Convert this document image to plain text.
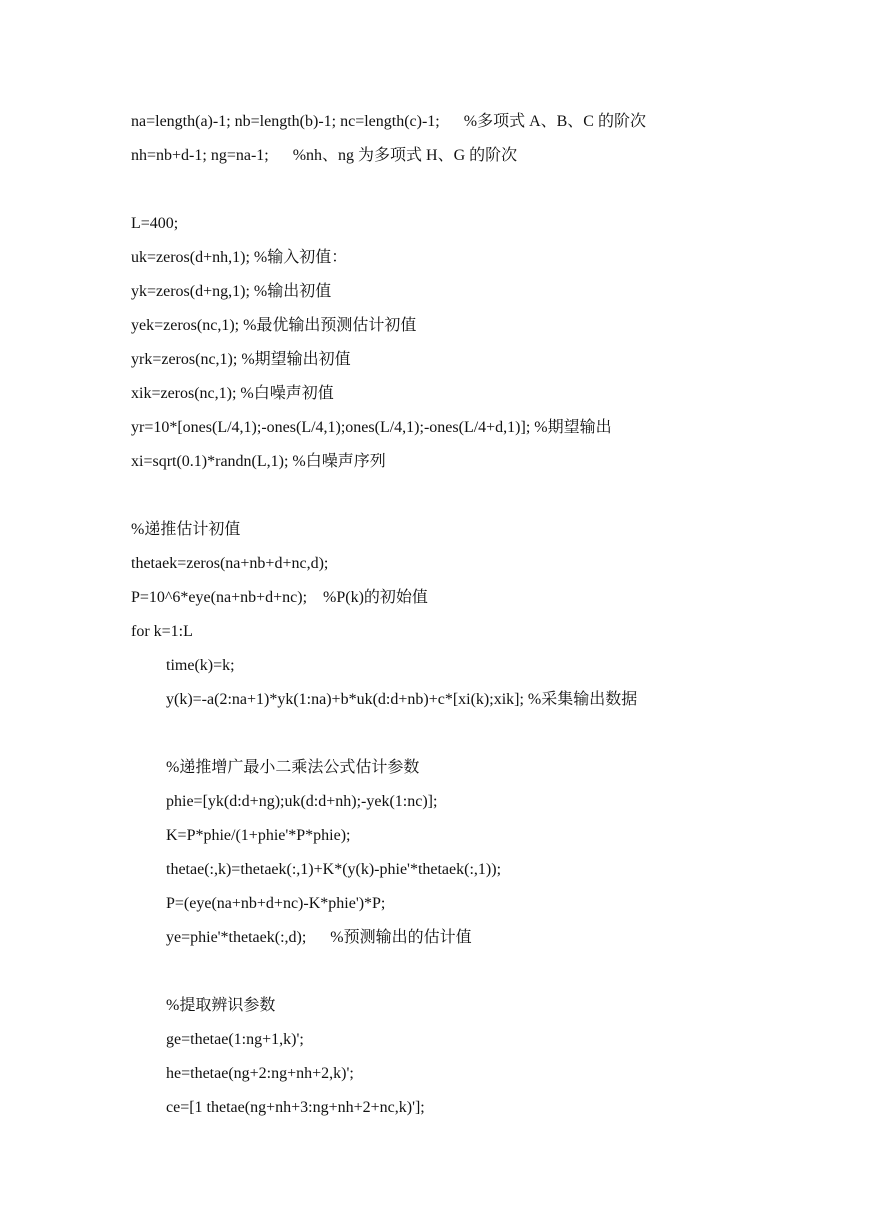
na=length(a)-1; nb=length(b)-1; nc=length(c)-1;      %多项式 A、B、C 的阶次
nh=nb+d-1; ng=na-1;      %nh、ng 为多项式 H、G 的阶次
L=400;
uk=zeros(d+nh,1); %输入初值：
yk=zeros(d+ng,1); %输出初值
yek=zeros(nc,1); %最优输出预测估计初值
yrk=zeros(nc,1); %期望输出初值
xik=zeros(nc,1); %白噪声初值
yr=10*[ones(L/4,1);-ones(L/4,1);ones(L/4,1);-ones(L/4+d,1)]; %期望输出
xi=sqrt(0.1)*randn(L,1); %白噪声序列
%递推估计初值
thetaek=zeros(na+nb+d+nc,d);
P=10^6*eye(na+nb+d+nc);    %P(k)的初始值
for k=1:L
time(k)=k;
y(k)=-a(2:na+1)*yk(1:na)+b*uk(d:d+nb)+c*[xi(k);xik]; %采集输出数据
%递推增广最小二乘法公式估计参数
phie=[yk(d:d+ng);uk(d:d+nh);-yek(1:nc)];
K=P*phie/(1+phie'*P*phie);
thetae(:,k)=thetaek(:,1)+K*(y(k)-phie'*thetaek(:,1));
P=(eye(na+nb+d+nc)-K*phie')*P;
ye=phie'*thetaek(:,d);      %预测输出的估计值
%提取辨识参数
ge=thetae(1:ng+1,k)';
he=thetae(ng+2:ng+nh+2,k)';
ce=[1 thetae(ng+nh+3:ng+nh+2+nc,k)'];
